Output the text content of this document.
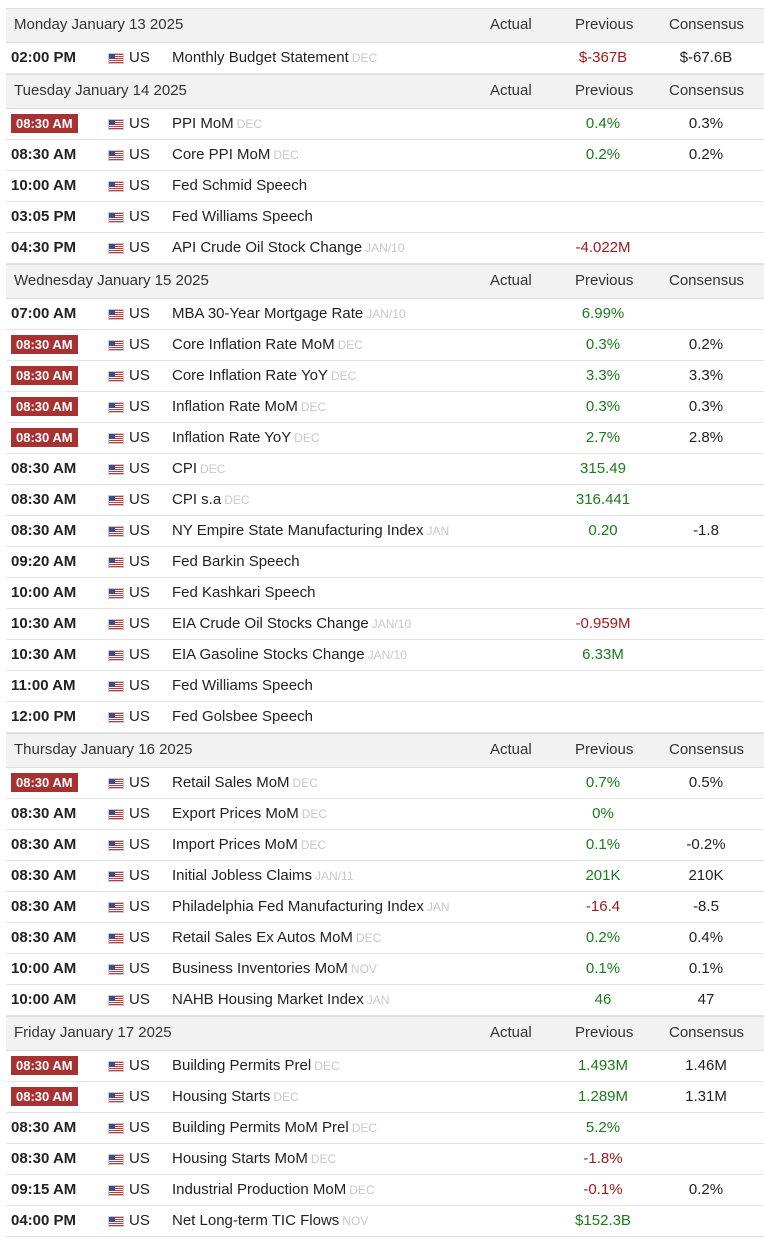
Monday January 13 2025	Actual	Previous Consensus
02:00 PM	US Monthly Budget Statement DEC	$-367B	$-67.6B
Tuesday January 14 2025	Actual	Previous Consensus
08:30 AM	US PPI MoM DEC	0.4%	0.3%
08:30 AM	US Core PPI MoM DEC	0.2%	0.2%
10:00 AM	US Fed Schmid Speech
03:05 PM	US Fed Williams Speech
04:30 PM	US API Crude Oil Stock Change JAN/10	-4.022M
Wednesday January 15 2025	Actual	Previous Consensus
07:00 AM	US MBA 30-Year Mortgage Rate JAN/10	6.99%
08:30 AM	US Core Inflation Rate MoM DEC	0.3%	0.2%
08:30 AM	US Core Inflation Rate YoY DEC	3.3%	3.3%
08:30 AM	US Inflation Rate MoM DEC	0.3%	0.3%
08:30 AM	US Inflation Rate YoY DEC	2.7%	2.8%
08:30 AM	US CPI DEC	315.49
08:30 AM	US CPI s.a DEC	316.441
08:30 AM	US NY Empire State Manufacturing Index JAN	0.20	-1.8
09:20 AM	US Fed Barkin Speech
10:00 AM	US Fed Kashkari Speech
10:30 AM	US EIA Crude Oil Stocks Change JAN/10	-0.959M
10:30 AM	US EIA Gasoline Stocks Change JAN/10	6.33M
11:00 AM	US Fed Williams Speech
12:00 PM	US Fed Golsbee Speech
Thursday January 16 2025	Actual	Previous Consensus
08:30 AM	US Retail Sales MoM DEC	0.7%	0.5%
08:30 AM	US Export Prices MoM DEC	0%
08:30 AM	US Import Prices MoM DEC	0.1%	-0.2%
08:30 AM	US Initial Jobless Claims JAN/11	201K	210K
08:30 AM	US Philadelphia Fed Manufacturing Index JAN	-16.4	-8.5
08:30 AM	US Retail Sales Ex Autos MoM DEC	0.2%	0.4%
10:00 AM	US Business Inventories MoM NOV	0.1%	0.1%
10:00 AM	US NAHB Housing Market Index JAN	46	47
Friday January 17 2025	Actual	Previous Consensus
08:30 AM	US Building Permits Prel DEC	1.493M	1.46M
08:30 AM	US Housing Starts DEC	1.289M	1.31M
08:30 AM	US Building Permits MoM Prel DEC	5.2%
08:30 AM	US Housing Starts MoM DEC	-1.8%
09:15 AM	US Industrial Production MoM DEC	-0.1%	0.2%
04:00 PM	US Net Long-term TIC Flows NOV	$152.3B
